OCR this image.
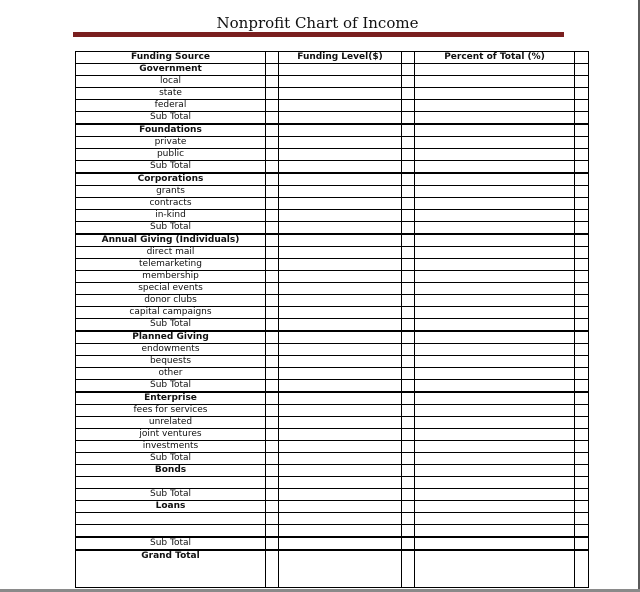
Nonprofit Chart of Income
Funding Source		Funding Level($)		Percent of Total (%)	
Government					
local					
state					
federal					
Sub Total					
Foundations					
private					
public					
Sub Total					
Corporations					
grants					
contracts					
in-kind					
Sub Total					
Annual Giving (Individuals)					
direct mail					
telemarketing					
membership					
special events					
donor clubs					
capital campaigns					
Sub Total					
Planned Giving					
endowments					
bequests					
other					
Sub Total					
Enterprise					
fees for services					
unrelated					
joint ventures					
investments					
Sub Total					
Bonds					

Sub Total					
Loans					

Sub Total					
Grand Total					
